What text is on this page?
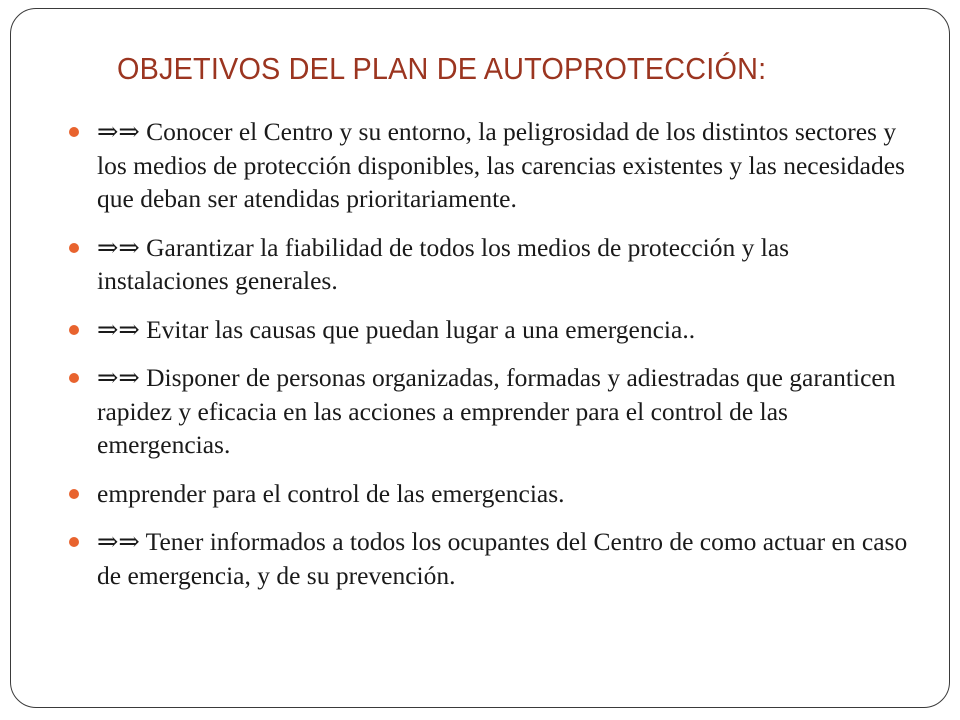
OBJETIVOS DEL PLAN DE AUTOPROTECCIÓN:
⇒⇒ Conocer el Centro y su entorno, la peligrosidad de los distintos sectores y los medios de protección disponibles, las carencias existentes y las necesidades que deban ser atendidas prioritariamente.
⇒⇒ Garantizar la fiabilidad de todos los medios de protección y las instalaciones generales.
⇒⇒ Evitar las causas que puedan lugar a una emergencia..
⇒⇒ Disponer de personas organizadas, formadas y adiestradas que garanticen rapidez y eficacia en las acciones a emprender para el control de las emergencias.
emprender para el control de las emergencias.
⇒⇒ Tener informados a todos los ocupantes del Centro de como actuar en caso de emergencia, y de su prevención.
